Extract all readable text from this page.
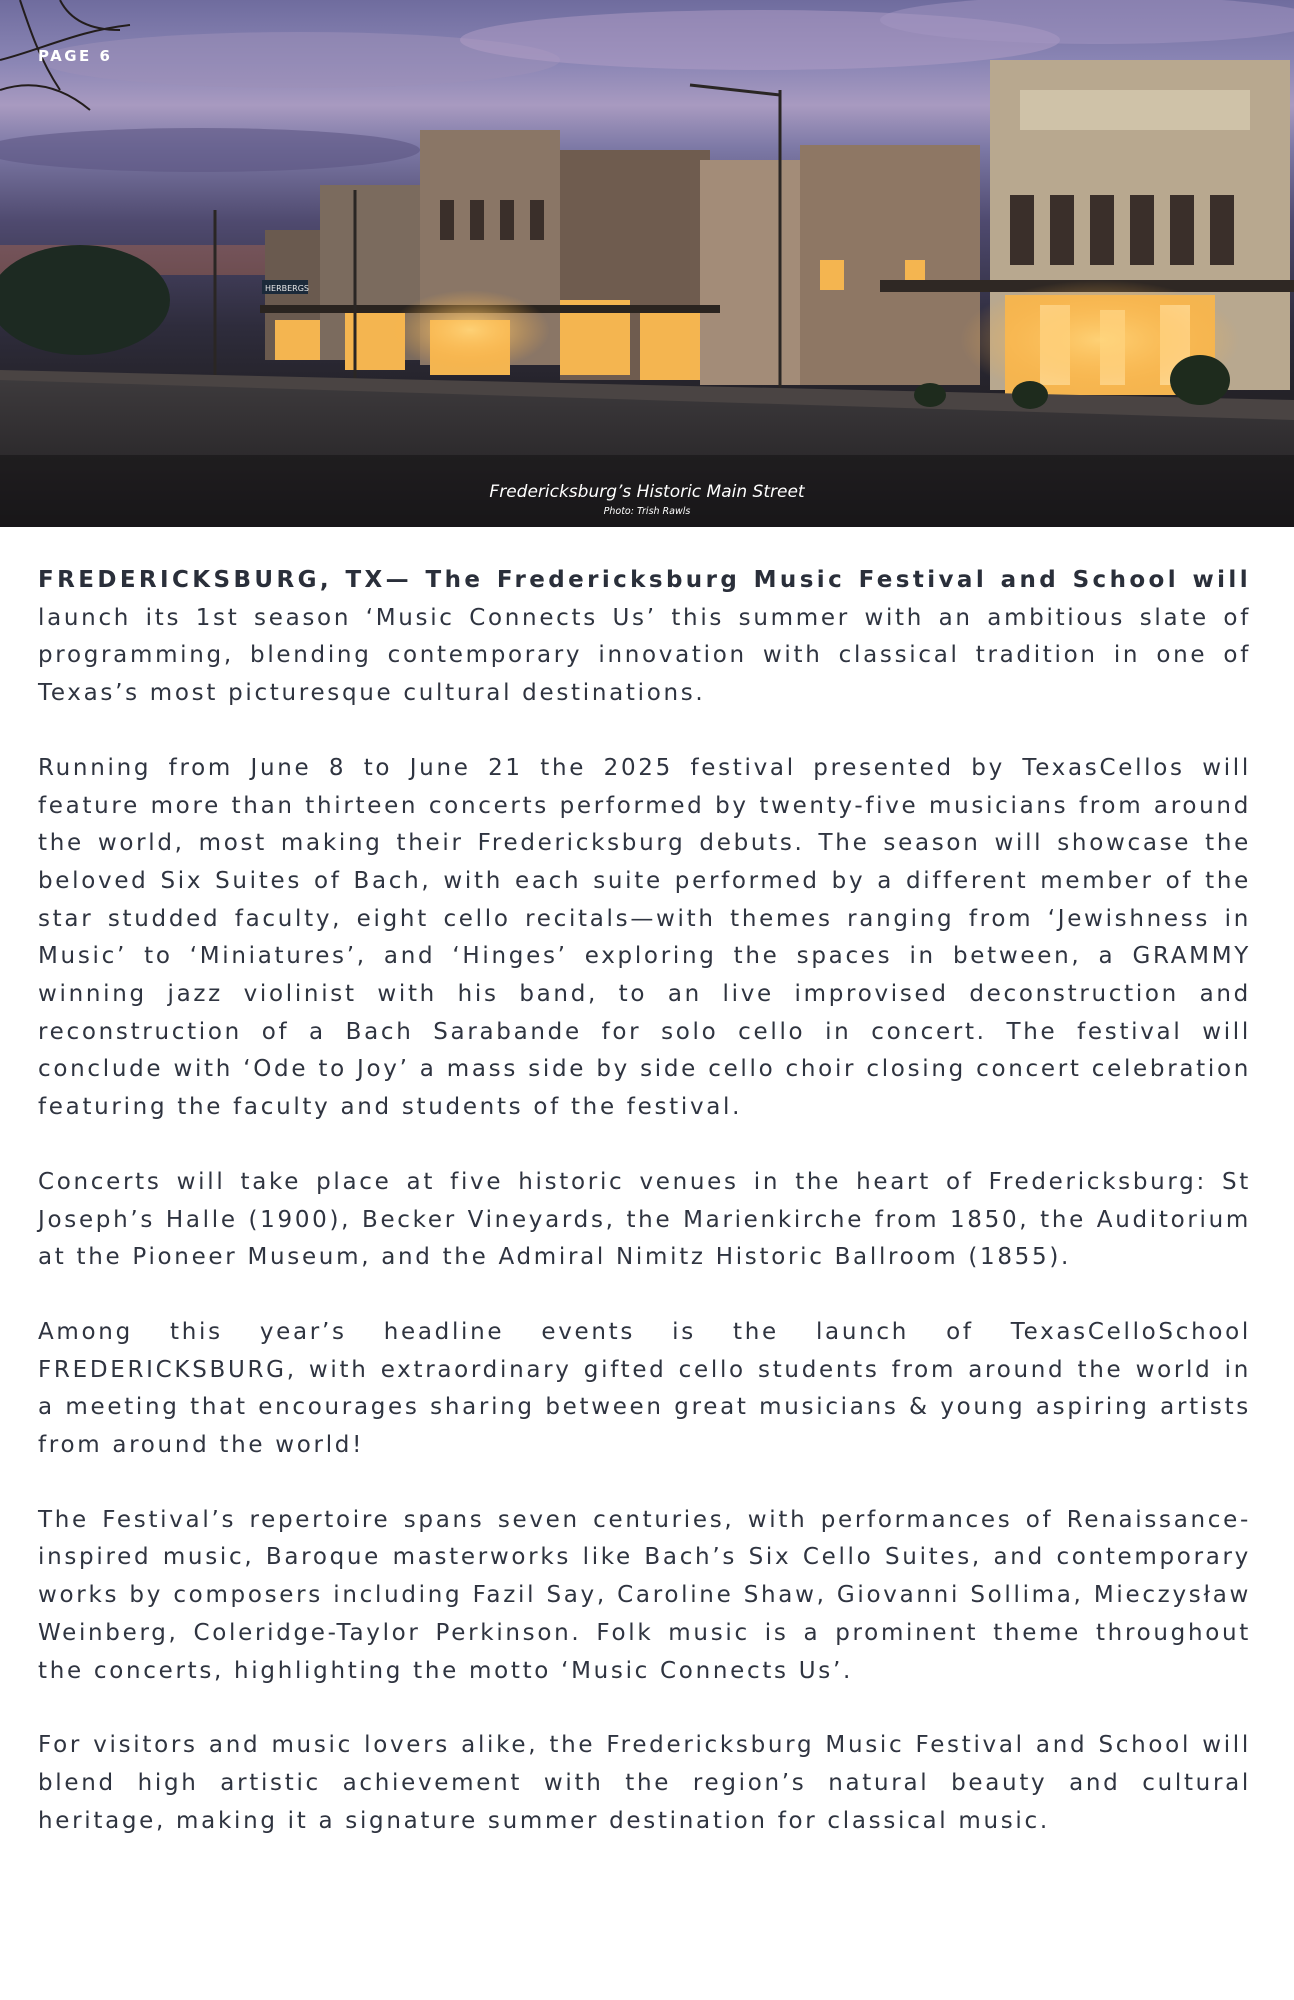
HERBERGS
PAGE 6
Fredericksburg’s Historic Main Street
Photo: Trish Rawls

FREDERICKSBURG, TX— The Fredericksburg Music Festival and School will launch its 1st season ‘Music Connects Us’ this summer with an ambitious slate of programming, blending contemporary innovation with classical tradition in one of Texas’s most picturesque cultural destinations.

Running from June 8 to June 21 the 2025 festival presented by TexasCellos will feature more than thirteen concerts performed by twenty-five musicians from around the world, most making their Fredericksburg debuts. The season will showcase the beloved Six Suites of Bach, with each suite performed by a different member of the star studded faculty, eight cello recitals—with themes ranging from ‘Jewishness in Music’ to ‘Miniatures’, and ‘Hinges’ exploring the spaces in between, a GRAMMY winning jazz violinist with his band, to an live improvised deconstruction and reconstruction of a Bach Sarabande for solo cello in concert. The festival will conclude with ‘Ode to Joy’ a mass side by side cello choir closing concert celebration featuring the faculty and students of the festival.

Concerts will take place at five historic venues in the heart of Fredericksburg: St Joseph’s Halle (1900), Becker Vineyards, the Marienkirche from 1850, the Auditorium at the Pioneer Museum, and the Admiral Nimitz Historic Ballroom (1855).

Among this year’s headline events is the launch of TexasCelloSchool FREDERICKSBURG, with extraordinary gifted cello students from around the world in a meeting that encourages sharing between great musicians & young aspiring artists from around the world!

The Festival’s repertoire spans seven centuries, with performances of Renaissance-inspired music, Baroque masterworks like Bach’s Six Cello Suites, and contemporary works by composers including Fazil Say, Caroline Shaw, Giovanni Sollima, Mieczysław Weinberg, Coleridge-Taylor Perkinson. Folk music is a prominent theme throughout the concerts, highlighting the motto ‘Music Connects Us’.

For visitors and music lovers alike, the Fredericksburg Music Festival and School will blend high artistic achievement with the region’s natural beauty and cultural heritage, making it a signature summer destination for classical music.
